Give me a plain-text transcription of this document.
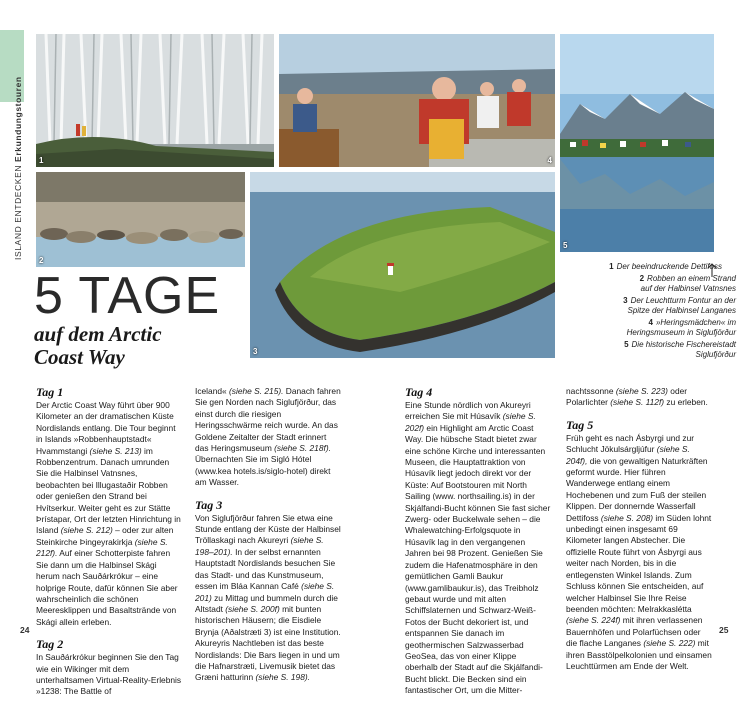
ISLAND ENTDECKEN Erkundungstouren 1	4
5
2
3
5 TAGE
auf dem Arctic
Coast Way
1 Der beeindruckende Dettifoss
2 Robben an einem Strand
auf der Halbinsel Vatnsnes
3 Der Leuchtturm Fontur an der
Spitze der Halbinsel Langanes
4 »Heringsmädchen« im
Heringsmuseum in Siglufjörður
5 Die historische Fischereistadt
Siglufjörður
Tag 1

Der Arctic Coast Way führt über 900 Kilometer an der dramatischen Küste Nordislands entlang. Die Tour beginnt in Islands »Robbenhauptstadt« Hvammstangi (siehe S. 213) im Robbenzentrum. Danach umrunden Sie die Halbinsel Vatnsnes, beobachten bei Illugastaðir Robben oder genießen den Strand bei Hvítserkur. Weiter geht es zur Stätte Þrístapar, Ort der letzten Hinrichtung in Island (siehe S. 212) – oder zur alten Steinkirche Þingeyrakirkja (siehe S. 212f). Auf einer Schotterpiste fahren Sie dann um die Halbinsel Skági herum nach Sauðárkrókur – eine holprige Route, dafür können Sie aber wahrscheinlich die schönen Meeresklippen und Basaltstrände von Skági allein erleben.

Tag 2

In Sauðárkrókur beginnen Sie den Tag wie ein Wikinger mit dem unterhaltsamen Virtual-Reality-Erlebnis »1238: The Battle of

Iceland« (siehe S. 215). Danach fahren Sie gen Norden nach Siglufjörður, das einst durch die riesigen Heringsschwärme reich wurde. An das Goldene Zeitalter der Stadt erinnert das Heringsmuseum (siehe S. 218f). Übernachten Sie im Sigló Hótel (www.kea hotels.is/siglo-hotel) direkt am Wasser.

Tag 3

Von Siglufjörður fahren Sie etwa eine Stunde entlang der Küste der Halbinsel Tröllaskagi nach Akureyri (siehe S. 198–201). In der selbst ernannten Hauptstadt Nordislands besuchen Sie das Stadt- und das Kunstmuseum, essen im Bláa Kannan Café (siehe S. 201) zu Mittag und bummeln durch die Altstadt (siehe S. 200f) mit bunten historischen Häusern; die Eisdiele Brynja (Aðalstræti 3) ist eine Institution. Akureyris Nachtleben ist das beste Nordislands: Die Bars liegen in und um die Hafnarstræti, Livemusik bietet das Græni hatturinn (siehe S. 198).

Tag 4

Eine Stunde nördlich von Akureyri erreichen Sie mit Húsavík (siehe S. 202f) ein Highlight am Arctic Coast Way. Die hübsche Stadt bietet zwar eine schöne Kirche und interessanten Museen, die Hauptattraktion von Húsavík liegt jedoch direkt vor der Küste: Auf Bootstouren mit North Sailing (www. northsailing.is) in der Skjálfandi-Bucht können Sie fast sicher Zwerg- oder Buckelwale sehen – die Whalewatching-Erfolgsquote in Húsavík lag in den vergangenen Jahren bei 98 Prozent. Genießen Sie zudem die Hafenatmosphäre in den gemütlichen Gamli Baukur (www.gamlibaukur.is), das Treibholz gebaut wurde und mit alten Schiffslaternen und Schwarz-Weiß-Fotos der Bucht dekoriert ist, und entspannen Sie danach im geothermischen Salzwasserbad GeoSea, das von einer Klippe oberhalb der Stadt auf die Skjálfandi-Bucht blickt. Die Becken sind ein fantastischer Ort, um die Mitter-

nachtssonne (siehe S. 223) oder Polarlichter (siehe S. 112f) zu erleben.

Tag 5

Früh geht es nach Ásbyrgi und zur Schlucht Jökulsárgljúfur (siehe S. 204f), die von gewaltigen Naturkräften geformt wurde. Hier führen Wanderwege entlang einem Hochebenen und zum Fuß der steilen Klippen. Der donnernde Wasserfall Dettifoss (siehe S. 208) im Süden lohnt unbedingt einen insgesamt 69 Kilometer langen Abstecher. Die offizielle Route führt von Ásbyrgi aus weiter nach Norden, bis in die entlegensten Winkel Islands. Zum Schluss können Sie entscheiden, auf welcher Halbinsel Sie Ihre Reise beenden möchten: Melrakkaslétta (siehe S. 224f) mit ihren verlassenen Bauernhöfen und Polarfüchsen oder die flache Langanes (siehe S. 222) mit ihren Basstölpelkolonien und einsamen Leuchttürmen am Ende der Welt.

24	25
